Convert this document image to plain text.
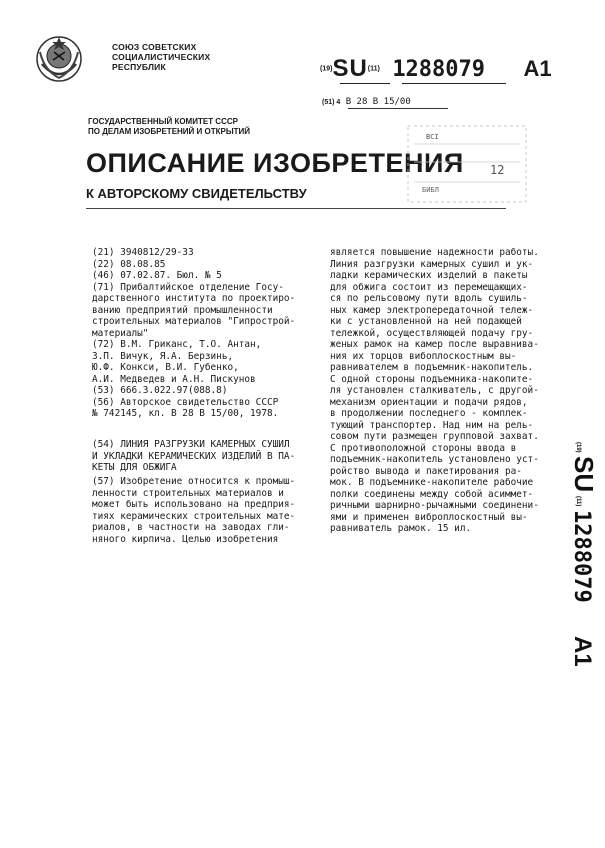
СОЮЗ СОВЕТСКИХ
СОЦИАЛИСТИЧЕСКИХ
РЕСПУБЛИК	(19)SU(11) 1288079 A1
(51) 4 B 28 B 15/00
ГОСУДАРСТВЕННЫЙ КОМИТЕТ СССР
ПО ДЕЛАМ ИЗОБРЕТЕНИЙ И ОТКРЫТИЙ
ОПИСАНИЕ ИЗОБРЕТЕНИЯ
К АВТОРСКОМУ СВИДЕТЕЛЬСТВУ
BCI
12
БИБЛ
(21) 3940812/29-33
(22) 08.08.85
(46) 07.02.87. Бюл. № 5
(71) Прибалтийское отделение Госу-
дарственного института по проектиро-
ванию предприятий промышленности
строительных материалов "Гипрострой-
материалы"
(72) В.М. Гриканс, Т.О. Антан,
З.П. Вичук, Я.А. Берзинь,
Ю.Ф. Конкси, В.И. Губенко,
А.И. Медведев и А.Н. Пискунов
(53) 666.3.022.97(088.8)
(56) Авторское свидетельство СССР
№ 742145, кл. В 28 В 15/00, 1978.
(54) ЛИНИЯ РАЗГРУЗКИ КАМЕРНЫХ СУШИЛ
И УКЛАДКИ КЕРАМИЧЕСКИХ ИЗДЕЛИЙ В ПА-
КЕТЫ ДЛЯ ОБЖИГА
(57) Изобретение относится к промыш-
ленности строительных материалов и
может быть использовано на предприя-
тиях керамических строительных мате-
риалов, в частности на заводах гли-
няного кирпича. Целью изобретения
является повышение надежности работы.
Линия разгрузки камерных сушил и ук-
ладки керамических изделий в пакеты
для обжига состоит из перемещающих-
ся по рельсовому пути вдоль сушиль-
ных камер электропередаточной тележ-
ки с установленной на ней подающей
тележкой, осуществляющей подачу гру-
женых рамок на камер после выравнива-
ния их торцов вибоплоскостным вы-
равнивателем в подъемник-накопитель.
С одной стороны подъемника-накопите-
ля установлен сталкиватель, с другой-
механизм ориентации и подачи рядов,
в продолжении последнего - комплек-
тующий транспортер. Над ним на рель-
совом пути размещен групповой захват.
С противоположной стороны ввода в
подъемник-накопитель установлено уст-
ройство вывода и пакетирования ра-
мок. В подъемнике-накопителе рабочие
полки соединены между собой асиммет-
ричными шарнирно-рычажными соединени-
ями и применен виброплоскостный вы-
равниватель рамок. 15 ил.
(19)
SU
(11)
1288079
A1
